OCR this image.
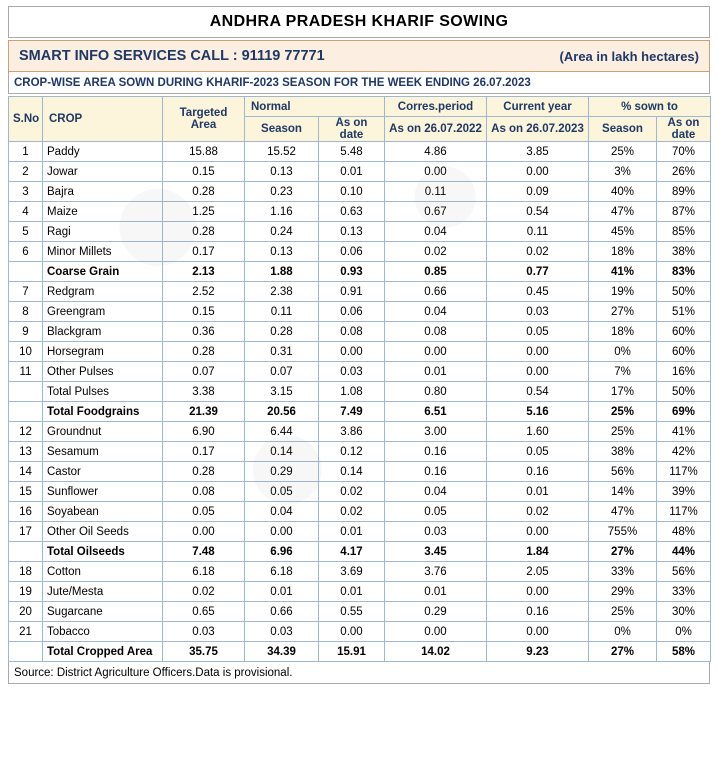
ANDHRA PRADESH KHARIF SOWING
SMART INFO SERVICES CALL : 91119 77771	(Area in lakh hectares)
CROP-WISE AREA SOWN DURING KHARIF-2023 SEASON FOR THE WEEK ENDING 26.07.2023
S.No	CROP	Targeted Area	Normal		Corres.period	Current year	% sown to	
			Season	As on date	As on 26.07.2022	As on 26.07.2023	Season	As on date
1	Paddy	15.88	15.52	5.48	4.86	3.85	25%	70%
2	Jowar	0.15	0.13	0.01	0.00	0.00	3%	26%
3	Bajra	0.28	0.23	0.10	0.11	0.09	40%	89%
4	Maize	1.25	1.16	0.63	0.67	0.54	47%	87%
5	Ragi	0.28	0.24	0.13	0.04	0.11	45%	85%
6	Minor Millets	0.17	0.13	0.06	0.02	0.02	18%	38%
	Coarse Grain	2.13	1.88	0.93	0.85	0.77	41%	83%
7	Redgram	2.52	2.38	0.91	0.66	0.45	19%	50%
8	Greengram	0.15	0.11	0.06	0.04	0.03	27%	51%
9	Blackgram	0.36	0.28	0.08	0.08	0.05	18%	60%
10	Horsegram	0.28	0.31	0.00	0.00	0.00	0%	60%
11	Other Pulses	0.07	0.07	0.03	0.01	0.00	7%	16%
	Total Pulses	3.38	3.15	1.08	0.80	0.54	17%	50%
	Total Foodgrains	21.39	20.56	7.49	6.51	5.16	25%	69%
12	Groundnut	6.90	6.44	3.86	3.00	1.60	25%	41%
13	Sesamum	0.17	0.14	0.12	0.16	0.05	38%	42%
14	Castor	0.28	0.29	0.14	0.16	0.16	56%	117%
15	Sunflower	0.08	0.05	0.02	0.04	0.01	14%	39%
16	Soyabean	0.05	0.04	0.02	0.05	0.02	47%	117%
17	Other Oil Seeds	0.00	0.00	0.01	0.03	0.00	755%	48%
	Total Oilseeds	7.48	6.96	4.17	3.45	1.84	27%	44%
18	Cotton	6.18	6.18	3.69	3.76	2.05	33%	56%
19	Jute/Mesta	0.02	0.01	0.01	0.01	0.00	29%	33%
20	Sugarcane	0.65	0.66	0.55	0.29	0.16	25%	30%
21	Tobacco	0.03	0.03	0.00	0.00	0.00	0%	0%
	Total Cropped Area	35.75	34.39	15.91	14.02	9.23	27%	58%
Source: District Agriculture Officers.Data is provisional.
